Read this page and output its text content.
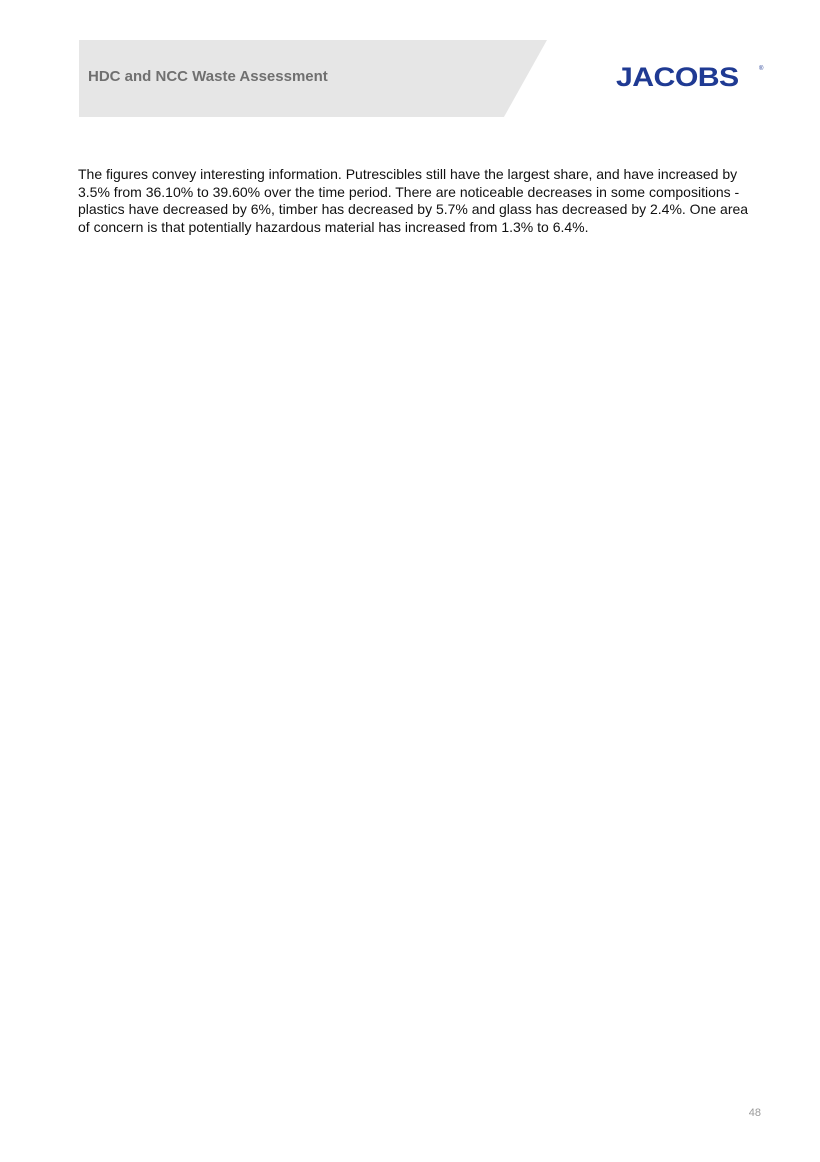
HDC and NCC Waste Assessment	JACOBS	®

The figures convey interesting information. Putrescibles still have the largest share, and have increased by 3.5% from 36.10% to 39.60% over the time period. There are noticeable decreases in some compositions - plastics have decreased by 6%, timber has decreased by 5.7% and glass has decreased by 2.4%. One area of concern is that potentially hazardous material has increased from 1.3% to 6.4%.

48
